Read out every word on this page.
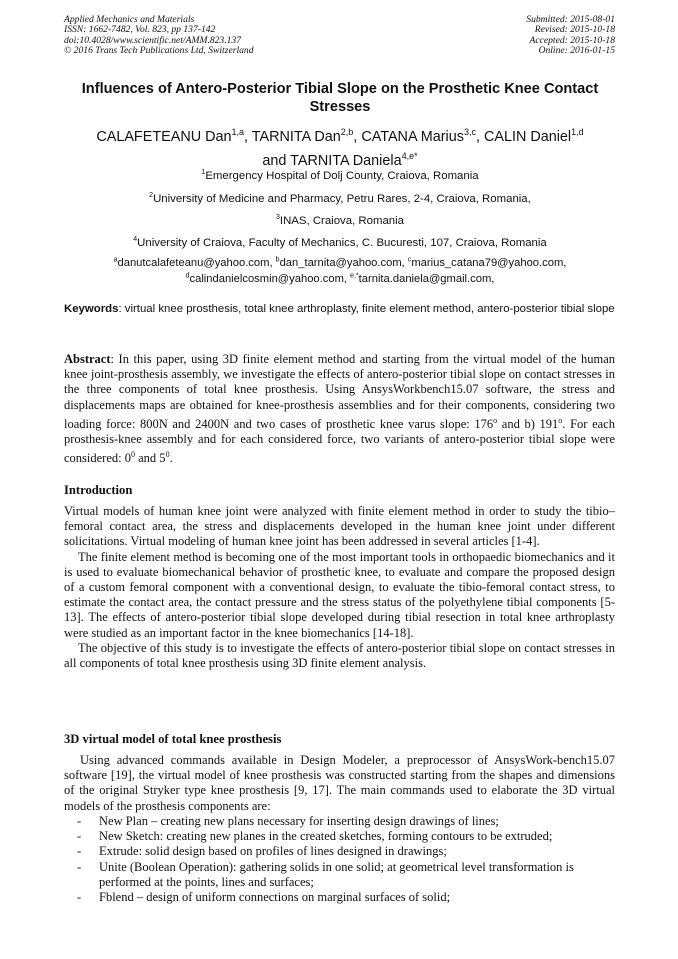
Applied Mechanics and Materials
ISSN: 1662-7482, Vol. 823, pp 137-142
doi:10.4028/www.scientific.net/AMM.823.137
© 2016 Trans Tech Publications Ltd, Switzerland
Submitted: 2015-08-01
Revised: 2015-10-18
Accepted: 2015-10-18
Online: 2016-01-15
Influences of Antero-Posterior Tibial Slope on the Prosthetic Knee Contact Stresses
CALAFETEANU Dan$^{1,a}$, TARNITA Dan$^{2,b}$, CATANA Marius$^{3,c}$, CALIN Daniel$^{1,d}$
and TARNITA Daniela$^{4,e*}$
$^1$Emergency Hospital of Dolj County, Craiova, Romania
$^2$University of Medicine and Pharmacy, Petru Rares, 2-4, Craiova, Romania,
$^3$INAS, Craiova, Romania
$^4$University of Craiova, Faculty of Mechanics, C. Bucuresti, 107, Craiova, Romania
$^a$danutcalafeteanu@yahoo.com, $^b$dan_tarnita@yahoo.com, $^c$marius_catana79@yahoo.com,
$^d$calindanielcosmin@yahoo.com, $^{e,*}$tarnita.daniela@gmail.com,
Keywords: virtual knee prosthesis, total knee arthroplasty, finite element method, antero-posterior tibial slope
Abstract: In this paper, using 3D finite element method and starting from the virtual model of the human knee joint-prosthesis assembly, we investigate the effects of antero-posterior tibial slope on contact stresses in the three components of total knee prosthesis. Using AnsysWorkbench15.07 software, the stress and displacements maps are obtained for knee-prosthesis assemblies and for their components, considering two loading force: 800N and 2400N and two cases of prosthetic knee varus slope: 176$^o$ and b) 191$^o$. For each prosthesis-knee assembly and for each considered force, two variants of antero-posterior tibial slope were considered: $0^0$ and $5^0$.
Introduction
Virtual models of human knee joint were analyzed with finite element method in order to study the tibio–femoral contact area, the stress and displacements developed in the human knee joint under different solicitations. Virtual modeling of human knee joint has been addressed in several articles [1-4].
The finite element method is becoming one of the most important tools in orthopaedic biomechanics and it is used to evaluate biomechanical behavior of prosthetic knee, to evaluate and compare the proposed design of a custom femoral component with a conventional design, to evaluate the tibio-femoral contact stress, to estimate the contact area, the contact pressure and the stress status of the polyethylene tibial components [5-13]. The effects of antero-posterior tibial slope developed during tibial resection in total knee arthroplasty were studied as an important factor in the knee biomechanics [14-18].
The objective of this study is to investigate the effects of antero-posterior tibial slope on contact stresses in all components of total knee prosthesis using 3D finite element analysis.
3D virtual model of total knee prosthesis
Using advanced commands available in Design Modeler, a preprocessor of AnsysWork-bench15.07 software [19], the virtual model of knee prosthesis was constructed starting from the shapes and dimensions of the original Stryker type knee prosthesis [9, 17]. The main commands used to elaborate the 3D virtual models of the prosthesis components are:
- New Plan – creating new plans necessary for inserting design drawings of lines;
- New Sketch: creating new planes in the created sketches, forming contours to be extruded;
- Extrude: solid design based on profiles of lines designed in drawings;
- Unite (Boolean Operation): gathering solids in one solid; at geometrical level transformation is performed at the points, lines and surfaces;
- Fblend – design of uniform connections on marginal surfaces of solid;
